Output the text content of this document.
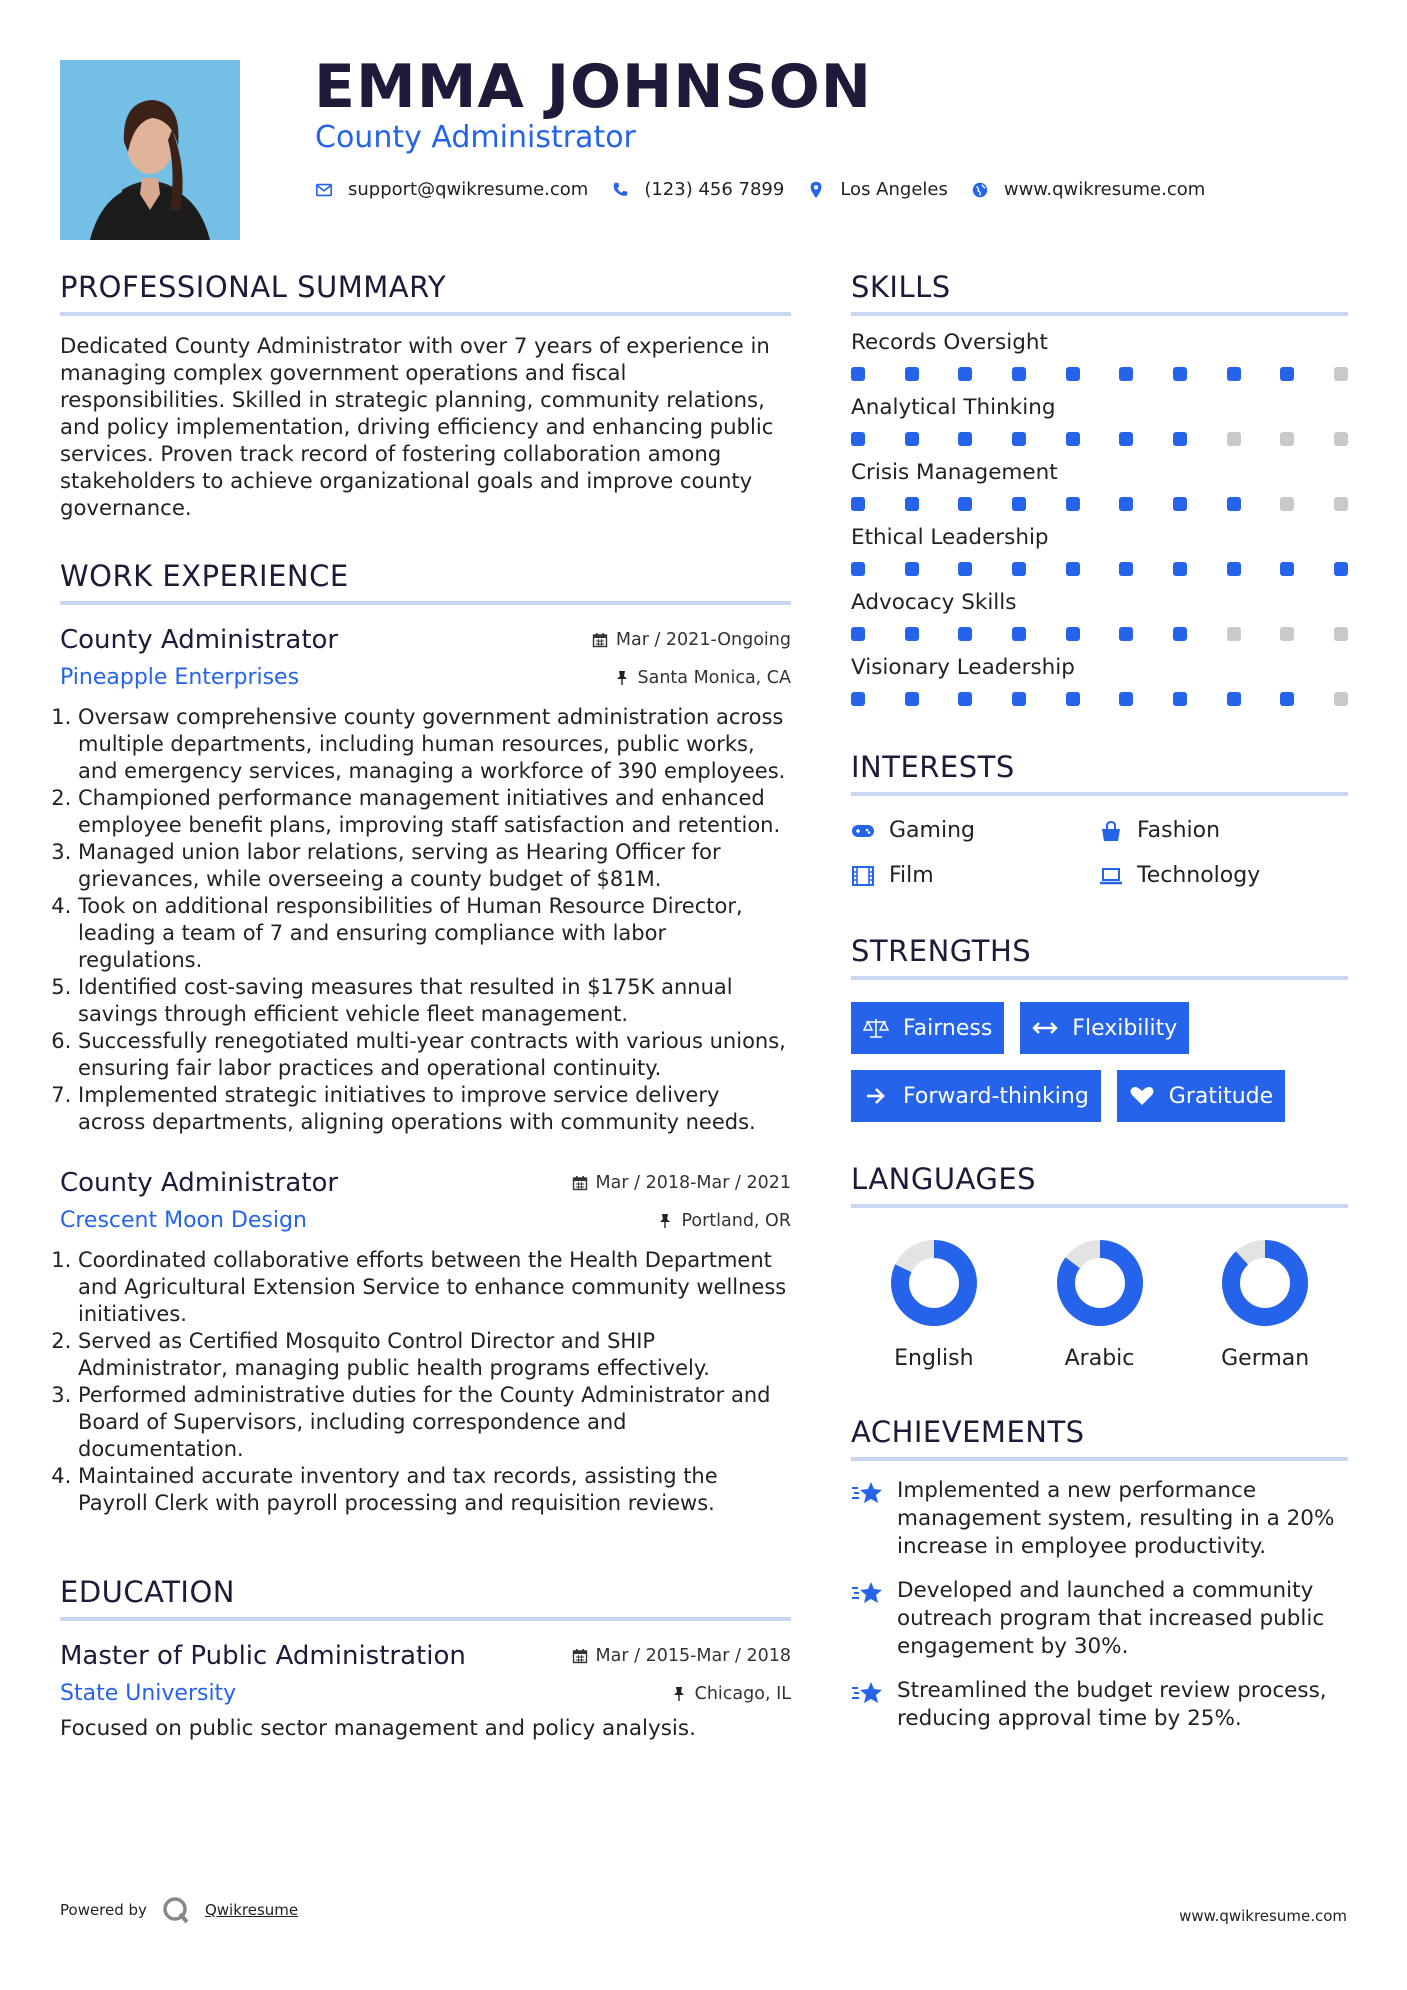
EMMA JOHNSON
County Administrator
support@qwikresume.com	(123) 456 7899	Los Angeles	www.qwikresume.com
PROFESSIONAL SUMMARY
Dedicated County Administrator with over 7 years of experience in managing complex government operations and fiscal responsibilities. Skilled in strategic planning, community relations, and policy implementation, driving efficiency and enhancing public services. Proven track record of fostering collaboration among stakeholders to achieve organizational goals and improve county governance.
WORK EXPERIENCE
County Administrator	Mar / 2021-Ongoing
Pineapple Enterprises	Santa Monica, CA
1. Oversaw comprehensive county government administration across multiple departments, including human resources, public works, and emergency services, managing a workforce of 390 employees.
2. Championed performance management initiatives and enhanced employee benefit plans, improving staff satisfaction and retention.
3. Managed union labor relations, serving as Hearing Officer for grievances, while overseeing a county budget of $81M.
4. Took on additional responsibilities of Human Resource Director, leading a team of 7 and ensuring compliance with labor regulations.
5. Identified cost-saving measures that resulted in $175K annual savings through efficient vehicle fleet management.
6. Successfully renegotiated multi-year contracts with various unions, ensuring fair labor practices and operational continuity.
7. Implemented strategic initiatives to improve service delivery across departments, aligning operations with community needs.
County Administrator	Mar / 2018-Mar / 2021
Crescent Moon Design	Portland, OR
1. Coordinated collaborative efforts between the Health Department and Agricultural Extension Service to enhance community wellness initiatives.
2. Served as Certified Mosquito Control Director and SHIP Administrator, managing public health programs effectively.
3. Performed administrative duties for the County Administrator and Board of Supervisors, including correspondence and documentation.
4. Maintained accurate inventory and tax records, assisting the Payroll Clerk with payroll processing and requisition reviews.
EDUCATION
Master of Public Administration	Mar / 2015-Mar / 2018
State University	Chicago, IL
Focused on public sector management and policy analysis.
SKILLS
Records Oversight
Analytical Thinking
Crisis Management
Ethical Leadership
Advocacy Skills
Visionary Leadership
INTERESTS
Gaming	Fashion
Film	Technology
STRENGTHS
Fairness	Flexibility
Forward-thinking	Gratitude
LANGUAGES
English	Arabic	German
ACHIEVEMENTS
Implemented a new performance management system, resulting in a 20% increase in employee productivity.
Developed and launched a community outreach program that increased public engagement by 30%.
Streamlined the budget review process, reducing approval time by 25%.
Powered by	Qwikresume	www.qwikresume.com
